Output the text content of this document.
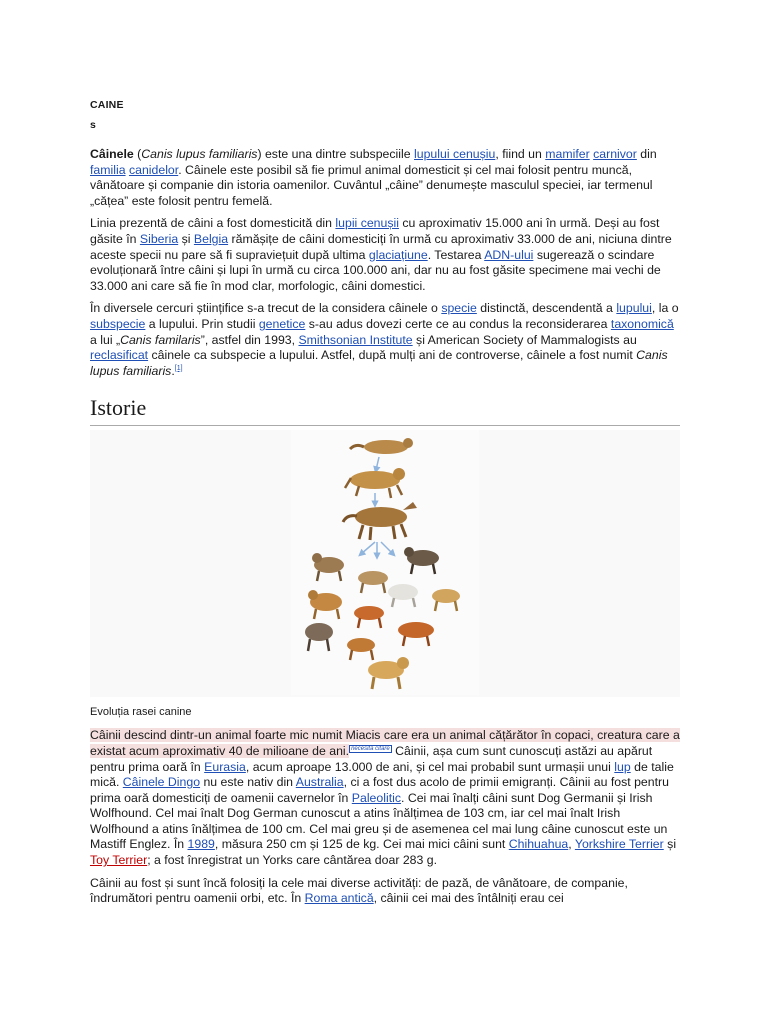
CAINE
s

Câinele (Canis lupus familiaris) este una dintre subspeciile lupului cenușiu, fiind un mamifer carnivor din familia canidelor. Câinele este posibil să fie primul animal domesticit și cel mai folosit pentru muncă, vânătoare și companie din istoria oamenilor. Cuvântul „câine” denumește masculul speciei, iar termenul „cățea” este folosit pentru femelă.

Linia prezentă de câini a fost domesticită din lupii cenușii cu aproximativ 15.000 ani în urmă. Deși au fost găsite în Siberia și Belgia rămășițe de câini domesticiți în urmă cu aproximativ 33.000 de ani, niciuna dintre aceste specii nu pare să fi supraviețuit după ultima glaciațiune. Testarea ADN-ului sugerează o scindare evoluționară între câini și lupi în urmă cu circa 100.000 ani, dar nu au fost găsite specimene mai vechi de 33.000 ani care să fie în mod clar, morfologic, câini domestici.

În diversele cercuri științifice s-a trecut de la considera câinele o specie distinctă, descendentă a lupului, la o subspecie a lupului. Prin studii genetice s-au adus dovezi certe ce au condus la reconsiderarea taxonomică a lui „Canis familaris”, astfel din 1993, Smithsonian Institute și American Society of Mammalogists au reclasificat câinele ca subspecie a lupului. Astfel, după mulți ani de controverse, câinele a fost numit Canis lupus familiaris.[1]

Istorie
Evoluția rasei canine

Câinii descind dintr-un animal foarte mic numit Miacis care era un animal cățărător în copaci, creatura care a existat acum aproximativ 40 de milioane de ani. $^{necesită citare}$ Câinii, așa cum sunt cunoscuți astăzi au apărut pentru prima oară în Eurasia, acum aproape 13.000 de ani, și cel mai probabil sunt urmașii unui lup de talie mică. Câinele Dingo nu este nativ din Australia, ci a fost dus acolo de primii emigranți. Câinii au fost pentru prima oară domesticiți de oamenii cavernelor în Paleolitic. Cei mai înalți câini sunt Dog Germanii și Irish Wolfhound. Cel mai înalt Dog German cunoscut a atins înălțimea de 103 cm, iar cel mai înalt Irish Wolfhound a atins înălțimea de 100 cm. Cel mai greu și de asemenea cel mai lung câine cunoscut este un Mastiff Englez. În 1989, măsura 250 cm și 125 de kg. Cei mai mici câini sunt Chihuahua, Yorkshire Terrier și Toy Terrier; a fost înregistrat un Yorks care cântărea doar 283 g.

Câinii au fost și sunt încă folosiți la cele mai diverse activități: de pază, de vânătoare, de companie, îndrumători pentru oamenii orbi, etc. În Roma antică, câinii cei mai des întâlniți erau cei
